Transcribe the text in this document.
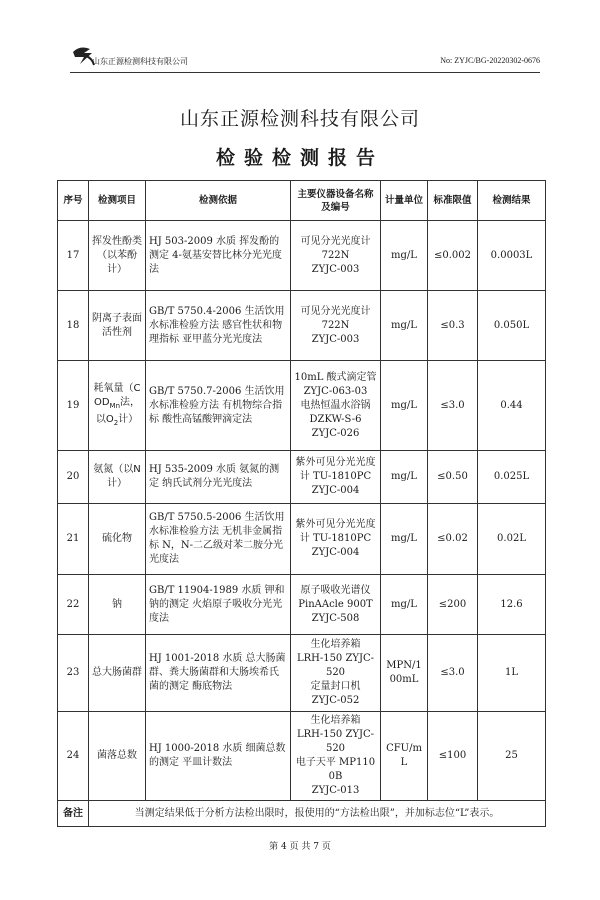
山东正源检测科技有限公司	No: ZYJC/BG-20220302-0676
山东正源检测科技有限公司
检验检测报告
序号	检测项目	检测依据	主要仪器设备名称及编号	计量单位	标准限值	检测结果
17	挥发性酚类（以苯酚计）	HJ 503-2009 水质 挥发酚的测定 4-氨基安替比林分光光度法	可见分光光度计
722N
ZYJC-003	mg/L	≤0.002	0.0003L
18	阴离子表面活性剂	GB/T 5750.4-2006 生活饮用水标准检验方法 感官性状和物理指标 亚甲蓝分光光度法	可见分光光度计
722N
ZYJC-003	mg/L	≤0.3	0.050L
19	耗氧量（$COD_{Mn}$法，以$O_2$计）	GB/T 5750.7-2006 生活饮用水标准检验方法 有机物综合指标 酸性高锰酸钾滴定法	10mL 酸式滴定管
ZYJC-063-03
电热恒温水浴锅
DZKW-S-6
ZYJC-026	mg/L	≤3.0	0.44
20	氨氮（以N计）	HJ 535-2009 水质 氨氮的测定 纳氏试剂分光光度法	紫外可见分光光度计 TU-1810PC
ZYJC-004	mg/L	≤0.50	0.025L
21	硫化物	GB/T 5750.5-2006 生活饮用水标准检验方法 无机非金属指标 N，N-二乙级对苯二胺分光光度法	紫外可见分光光度计 TU-1810PC
ZYJC-004	mg/L	≤0.02	0.02L
22	钠	GB/T 11904-1989 水质 钾和钠的测定 火焰原子吸收分光光度法	原子吸收光谱仪
PinAAcle 900T
ZYJC-508	mg/L	≤200	12.6
23	总大肠菌群	HJ 1001-2018 水质 总大肠菌群、粪大肠菌群和大肠埃希氏菌的测定 酶底物法	生化培养箱
LRH-150 ZYJC-520
定量封口机
ZYJC-052	MPN/100mL	≤3.0	1L
24	菌落总数	HJ 1000-2018 水质 细菌总数的测定 平皿计数法	生化培养箱
LRH-150 ZYJC-520
电子天平 MP1100B
ZYJC-013	CFU/mL	≤100	25
备注	当测定结果低于分析方法检出限时，报使用的“方法检出限”，并加标志位“L”表示。					
第 4 页 共 7 页
